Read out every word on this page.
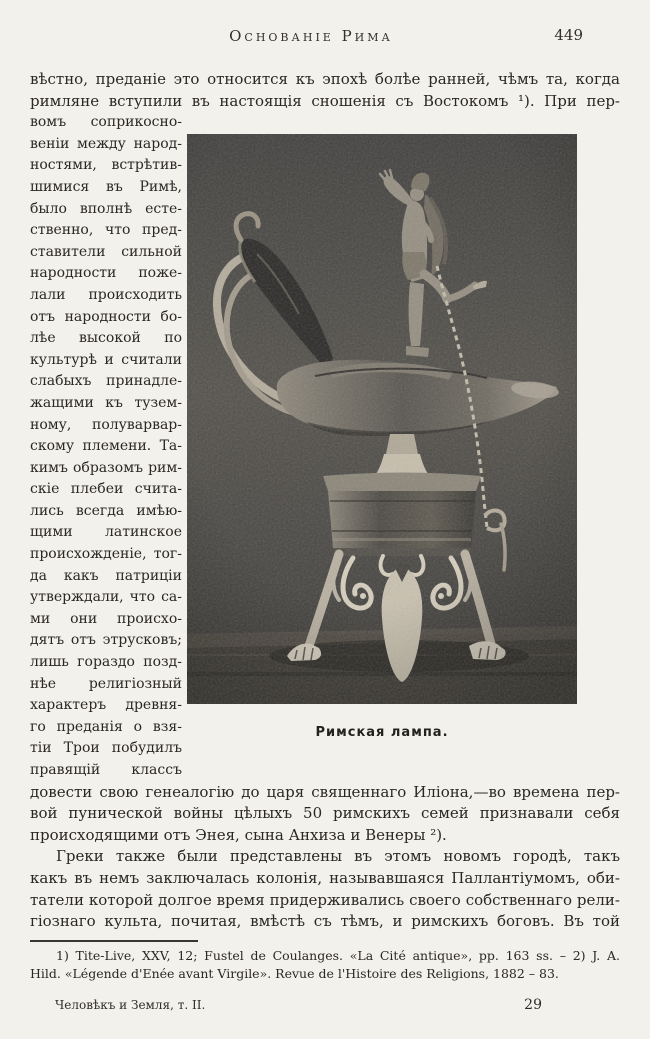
Основаніе Рима	449
вѣстно, преданіе это относится къ эпохѣ болѣе ранней, чѣмъ та, когда
римляне вступили въ настоящія сношенія съ Востокомъ ¹). При пер-
вомъ соприкосно-
веніи между народ-
ностями, встрѣтив-
шимися въ Римѣ,
было вполнѣ есте-
ственно, что пред-
ставители сильной
народности поже-
лали происходить
отъ народности бо-
лѣе высокой по
культурѣ и считали
слабыхъ принадле-
жащими къ тузем-
ному, полуварвар-
скому племени. Та-
кимъ образомъ рим-
скіе плебеи счита-
лись всегда имѣю-
щими латинское
происхожденіе, тог-
да какъ патриціи
утверждали, что са-
ми они происхо-
дятъ отъ этрусковъ;
лишь гораздо позд-
нѣе религіозный
характеръ древня-
го преданія о взя-
тіи Трои побудилъ
правящій классъ
Римская лампа.
довести свою генеалогію до царя священнаго Иліона,—во времена пер-
вой пунической войны цѣлыхъ 50 римскихъ семей признавали себя
происходящими отъ Энея, сына Анхиза и Венеры ²).
Греки также были представлены въ этомъ новомъ городѣ, такъ
какъ въ немъ заключалась колонія, называвшаяся Паллантіумомъ, оби-
татели которой долгое время придерживались своего собственнаго рели-
гіознаго культа, почитая, вмѣстѣ съ тѣмъ, и римскихъ боговъ. Въ той
1) Tite-Live, XXV, 12; Fustel de Coulanges. «La Cité antique», pp. 163 ss. – 2) J. A.
Hild. «Légende d'Enée avant Virgile». Revue de l'Histoire des Religions, 1882 – 83.
Человѣкъ и Земля, т. II.	29
